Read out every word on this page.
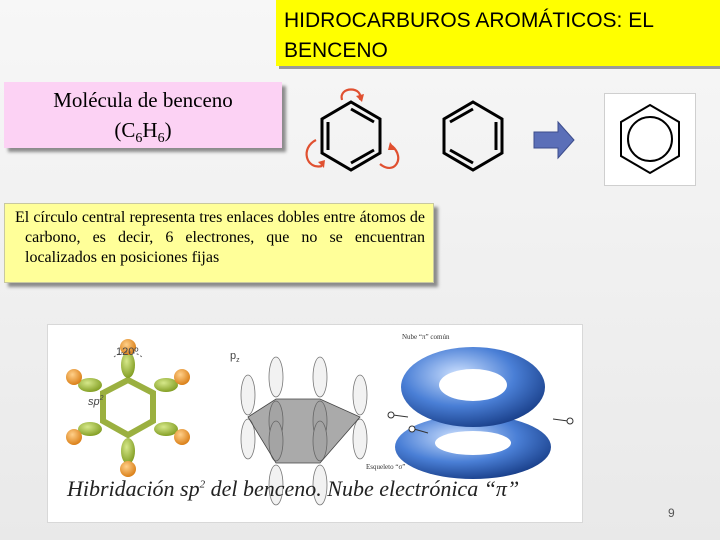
HIDROCARBUROS AROMÁTICOS: EL
BENCENO
Molécula de benceno
$(C_6H_6)$

El círculo central representa tres enlaces dobles entre átomos de carbono, es decir, 6 electrones, que no se encuentran localizados en posiciones fijas

120º
$sp^2$
$p_z$
Nube “π” común
Esqueleto “σ”
Hibridación $sp^2$ del benceno. Nube electrónica “π”
9
